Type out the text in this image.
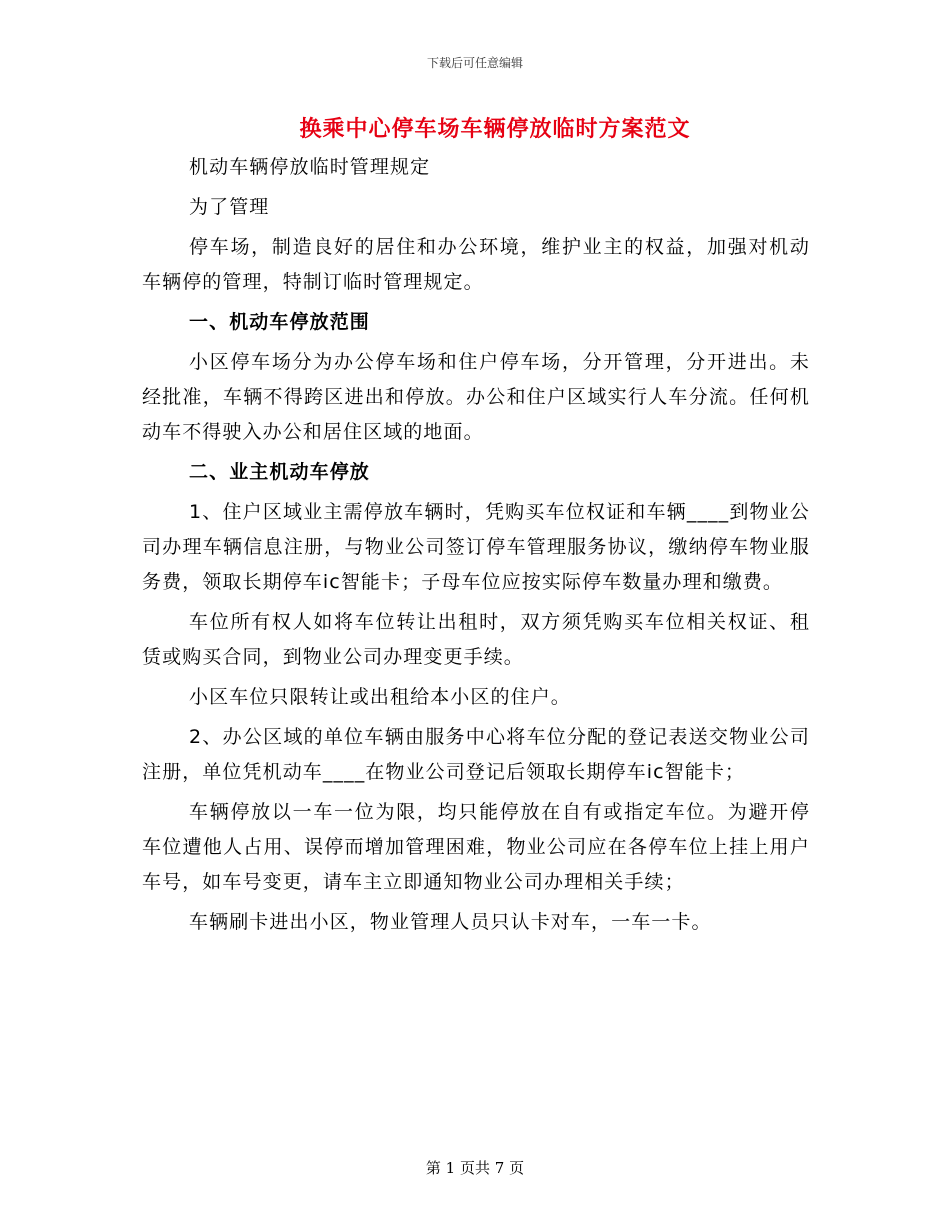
下载后可任意编辑
换乘中心停车场车辆停放临时方案范文

机动车辆停放临时管理规定

为了管理

停车场，制造良好的居住和办公环境，维护业主的权益，加强对机动车辆停的管理，特制订临时管理规定。

一、机动车停放范围

小区停车场分为办公停车场和住户停车场，分开管理，分开进出。未经批准，车辆不得跨区进出和停放。办公和住户区域实行人车分流。任何机动车不得驶入办公和居住区域的地面。

二、业主机动车停放

1、住户区域业主需停放车辆时，凭购买车位权证和车辆____到物业公司办理车辆信息注册，与物业公司签订停车管理服务协议，缴纳停车物业服务费，领取长期停车ic智能卡；子母车位应按实际停车数量办理和缴费。

车位所有权人如将车位转让出租时，双方须凭购买车位相关权证、租赁或购买合同，到物业公司办理变更手续。

小区车位只限转让或出租给本小区的住户。

2、办公区域的单位车辆由服务中心将车位分配的登记表送交物业公司注册，单位凭机动车____在物业公司登记后领取长期停车ic智能卡；

车辆停放以一车一位为限，均只能停放在自有或指定车位。为避开停车位遭他人占用、误停而增加管理困难，物业公司应在各停车位上挂上用户车号，如车号变更，请车主立即通知物业公司办理相关手续；

车辆刷卡进出小区，物业管理人员只认卡对车，一车一卡。

第 1 页共 7 页
